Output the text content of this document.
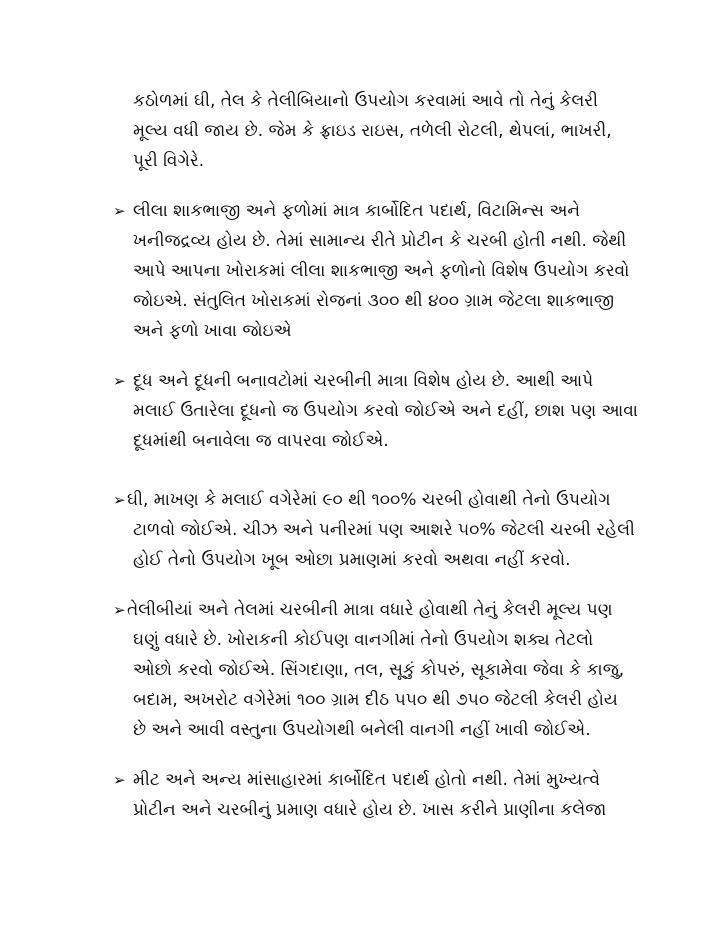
કઠોળમાં ઘી, તેલ કે તેલીબિયાનો ઉપયોગ કરવામાં આવે તો તેનું કેલરી
મૂલ્ય વધી જાય છે. જેમ કે ફ્રાઇડ રાઇસ, તળેલી રોટલી, થેપલાં, ભાખરી,
પૂરી વિગેરે.
➢ લીલા શાકભાજી અને ફળોમાં માત્ર કાર્બોદિત પદાર્થ, વિટામિન્સ અને
ખનીજદ્રવ્ય હોય છે. તેમાં સામાન્ય રીતે પ્રોટીન કે ચરબી હોતી નથી. જેથી
આપે આપના ખોરાકમાં લીલા શાકભાજી અને ફળોનો વિશેષ ઉપયોગ કરવો
જોઇએ. સંતુલિત ખોરાકમાં રોજનાં ૩૦૦ થી ૪૦૦ ગ્રામ જેટલા શાકભાજી
અને ફળો ખાવા જોઇએ
➢ દૂધ અને દૂધની બનાવટોમાં ચરબીની માત્રા વિશેષ હોય છે. આથી આપે
મલાઈ ઉતારેલા દૂધનો જ ઉપયોગ કરવો જોઈએ અને દહીં, છાશ પણ આવા
દૂધમાંથી બનાવેલા જ વાપરવા જોઈએ.
➢ઘી, માખણ કે મલાઈ વગેરેમાં ૯૦ થી ૧૦૦% ચરબી હોવાથી તેનો ઉપયોગ
ટાળવો જોઈએ. ચીઝ અને પનીરમાં પણ આશરે ૫૦% જેટલી ચરબી રહેલી
હોઈ તેનો ઉપયોગ ખૂબ ઓછા પ્રમાણમાં કરવો અથવા નહીં કરવો.
➢તેલીબીયાં અને તેલમાં ચરબીની માત્રા વધારે હોવાથી તેનું કેલરી મૂલ્ય પણ
ઘણું વધારે છે. ખોરાકની કોઈપણ વાનગીમાં તેનો ઉપયોગ શક્ય તેટલો
ઓછો કરવો જોઈએ. સિંગદાણા, તલ, સૂકું કોપરું, સૂકામેવા જેવા કે કાજુ,
બદામ, અખરોટ વગેરેમાં ૧૦૦ ગ્રામ દીઠ ૫૫૦ થી ૭૫૦ જેટલી કેલરી હોય
છે અને આવી વસ્તુના ઉપયોગથી બનેલી વાનગી નહીં ખાવી જોઈએ.
➢ મીટ અને અન્ય માંસાહારમાં કાર્બોદિત પદાર્થ હોતો નથી. તેમાં મુખ્યત્વે
પ્રોટીન અને ચરબીનું પ્રમાણ વધારે હોય છે. ખાસ કરીને પ્રાણીના કલેજા
